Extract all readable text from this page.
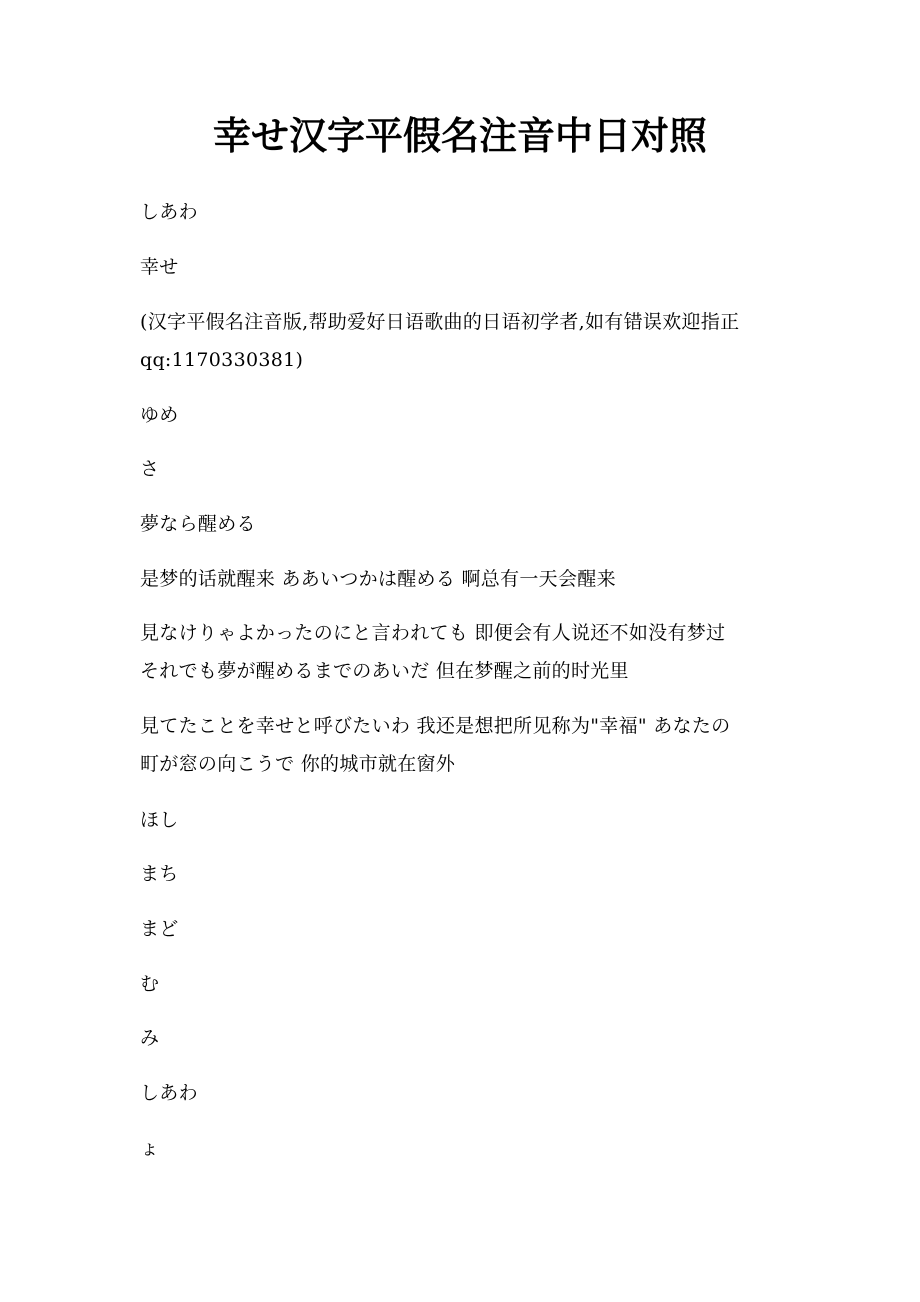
幸せ汉字平假名注音中日对照

しあわ

幸せ

(汉字平假名注音版,帮助爱好日语歌曲的日语初学者,如有错误欢迎指正
qq:1170330381)

ゆめ

さ

夢なら醒める

是梦的话就醒来 ああいつかは醒める 啊总有一天会醒来

見なけりゃよかったのにと言われても 即便会有人说还不如没有梦过
それでも夢が醒めるまでのあいだ 但在梦醒之前的时光里
見てたことを幸せと呼びたいわ 我还是想把所见称为"幸福" あなたの
町が窓の向こうで 你的城市就在窗外

ほし

まち

まど

む

み

しあわ

ょ
